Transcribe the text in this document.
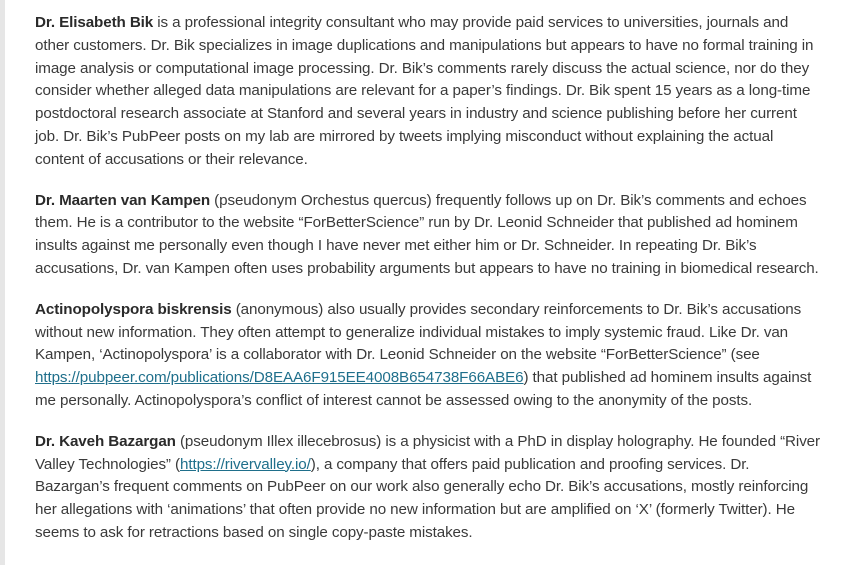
Dr. Elisabeth Bik is a professional integrity consultant who may provide paid services to universities, journals and other customers. Dr. Bik specializes in image duplications and manipulations but appears to have no formal training in image analysis or computational image processing. Dr. Bik’s comments rarely discuss the actual science, nor do they consider whether alleged data manipulations are relevant for a paper’s findings. Dr. Bik spent 15 years as a long-time postdoctoral research associate at Stanford and several years in industry and science publishing before her current job. Dr. Bik’s PubPeer posts on my lab are mirrored by tweets implying misconduct without explaining the actual content of accusations or their relevance.

Dr. Maarten van Kampen (pseudonym Orchestus quercus) frequently follows up on Dr. Bik’s comments and echoes them. He is a contributor to the website “ForBetterScience” run by Dr. Leonid Schneider that published ad hominem insults against me personally even though I have never met either him or Dr. Schneider. In repeating Dr. Bik’s accusations, Dr. van Kampen often uses probability arguments but appears to have no training in biomedical research.

Actinopolyspora biskrensis (anonymous) also usually provides secondary reinforcements to Dr. Bik’s accusations without new information. They often attempt to generalize individual mistakes to imply systemic fraud. Like Dr. van Kampen, ‘Actinopolyspora’ is a collaborator with Dr. Leonid Schneider on the website “ForBetterScience” (see https://pubpeer.com/publications/D8EAA6F915EE4008B654738F66ABE6) that published ad hominem insults against me personally. Actinopolyspora’s conflict of interest cannot be assessed owing to the anonymity of the posts.

Dr. Kaveh Bazargan (pseudonym Illex illecebrosus) is a physicist with a PhD in display holography. He founded “River Valley Technologies” (https://rivervalley.io/), a company that offers paid publication and proofing services. Dr. Bazargan’s frequent comments on PubPeer on our work also generally echo Dr. Bik’s accusations, mostly reinforcing her allegations with ‘animations’ that often provide no new information but are amplified on ‘X’ (formerly Twitter). He seems to ask for retractions based on single copy-paste mistakes.
